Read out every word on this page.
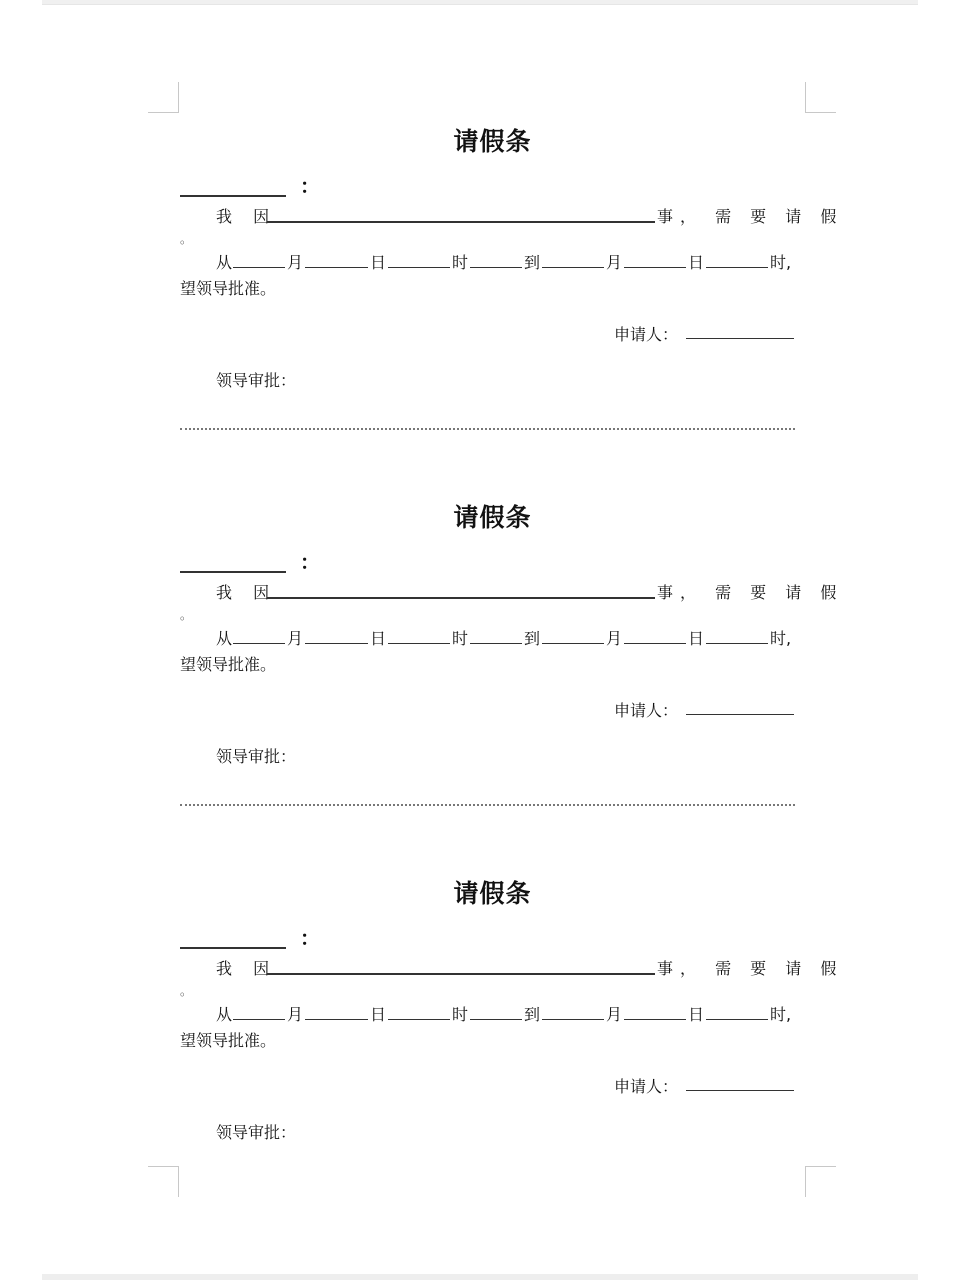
请假条
：
我 因	事， 需 要 请 假
。
从	月	日	时	到	月	日	时,
望领导批准。
申请人：
领导审批：
请假条
：
我 因	事， 需 要 请 假
。
从	月	日	时	到	月	日	时,
望领导批准。
申请人：
领导审批：
请假条
：
我 因	事， 需 要 请 假
。
从	月	日	时	到	月	日	时,
望领导批准。
申请人：
领导审批：
